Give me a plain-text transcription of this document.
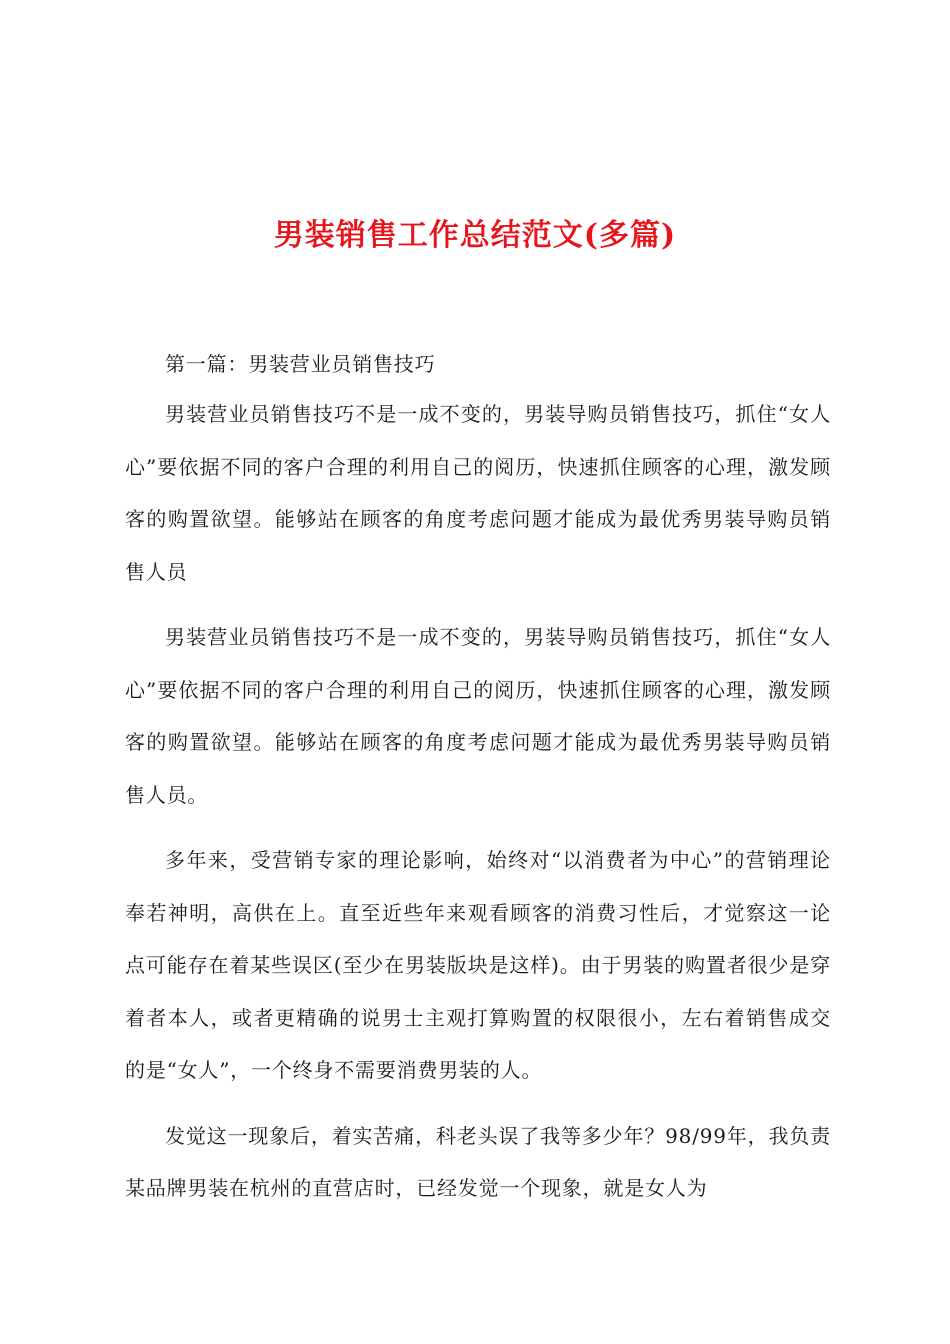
男装销售工作总结范文(多篇)

第一篇：男装营业员销售技巧

男装营业员销售技巧不是一成不变的，男装导购员销售技巧，抓住“女人心”要依据不同的客户合理的利用自己的阅历，快速抓住顾客的心理，激发顾客的购置欲望。能够站在顾客的角度考虑问题才能成为最优秀男装导购员销售人员

男装营业员销售技巧不是一成不变的，男装导购员销售技巧，抓住“女人心”要依据不同的客户合理的利用自己的阅历，快速抓住顾客的心理，激发顾客的购置欲望。能够站在顾客的角度考虑问题才能成为最优秀男装导购员销售人员。

多年来，受营销专家的理论影响，始终对“以消费者为中心”的营销理论奉若神明，高供在上。直至近些年来观看顾客的消费习性后，才觉察这一论点可能存在着某些误区(至少在男装版块是这样)。由于男装的购置者很少是穿着者本人，或者更精确的说男士主观打算购置的权限很小，左右着销售成交的是“女人”，一个终身不需要消费男装的人。

发觉这一现象后，着实苦痛，科老头误了我等多少年？98/99年，我负责某品牌男装在杭州的直营店时，已经发觉一个现象，就是女人为
